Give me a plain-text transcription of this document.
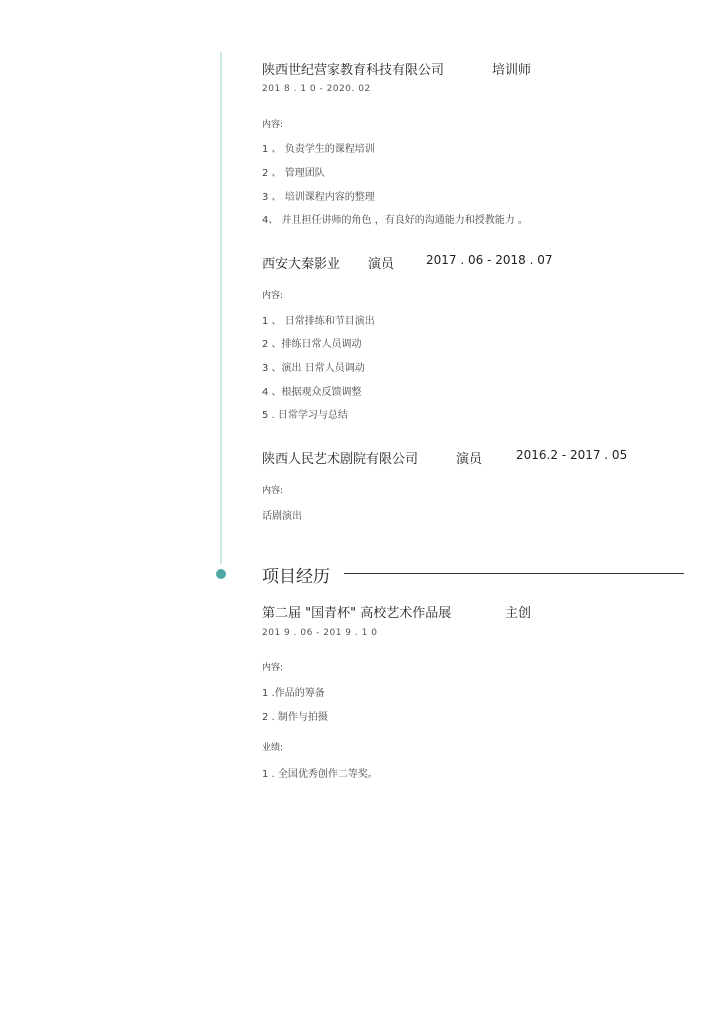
陕西世纪营家教育科技有限公司	培训师
201 8 . 1 0 - 2020. 02
内容:
1 、 负责学生的课程培训
2 、 管理团队
3 、 培训课程内容的整理
4、 并且担任讲师的角色 ，有良好的沟通能力和授教能力 。
西安大秦影业 演员	2017 . 06 - 2018 . 07
内容:
1 、 日常排练和节目演出
2 、排练日常人员调动
3 、演出 日常人员调动
4 、根据观众反馈调整
5 . 日常学习与总结
陕西人民艺术剧院有限公司	演员	2016.2 - 2017 . 05
内容:
话剧演出
项目经历
第二届 "国青杯" 高校艺术作品展	主创
201 9 . 06 - 201 9 . 1 0
内容:
1 .作品的筹备
2 . 制作与拍摄
业绩:
1 . 全国优秀创作二等奖。
